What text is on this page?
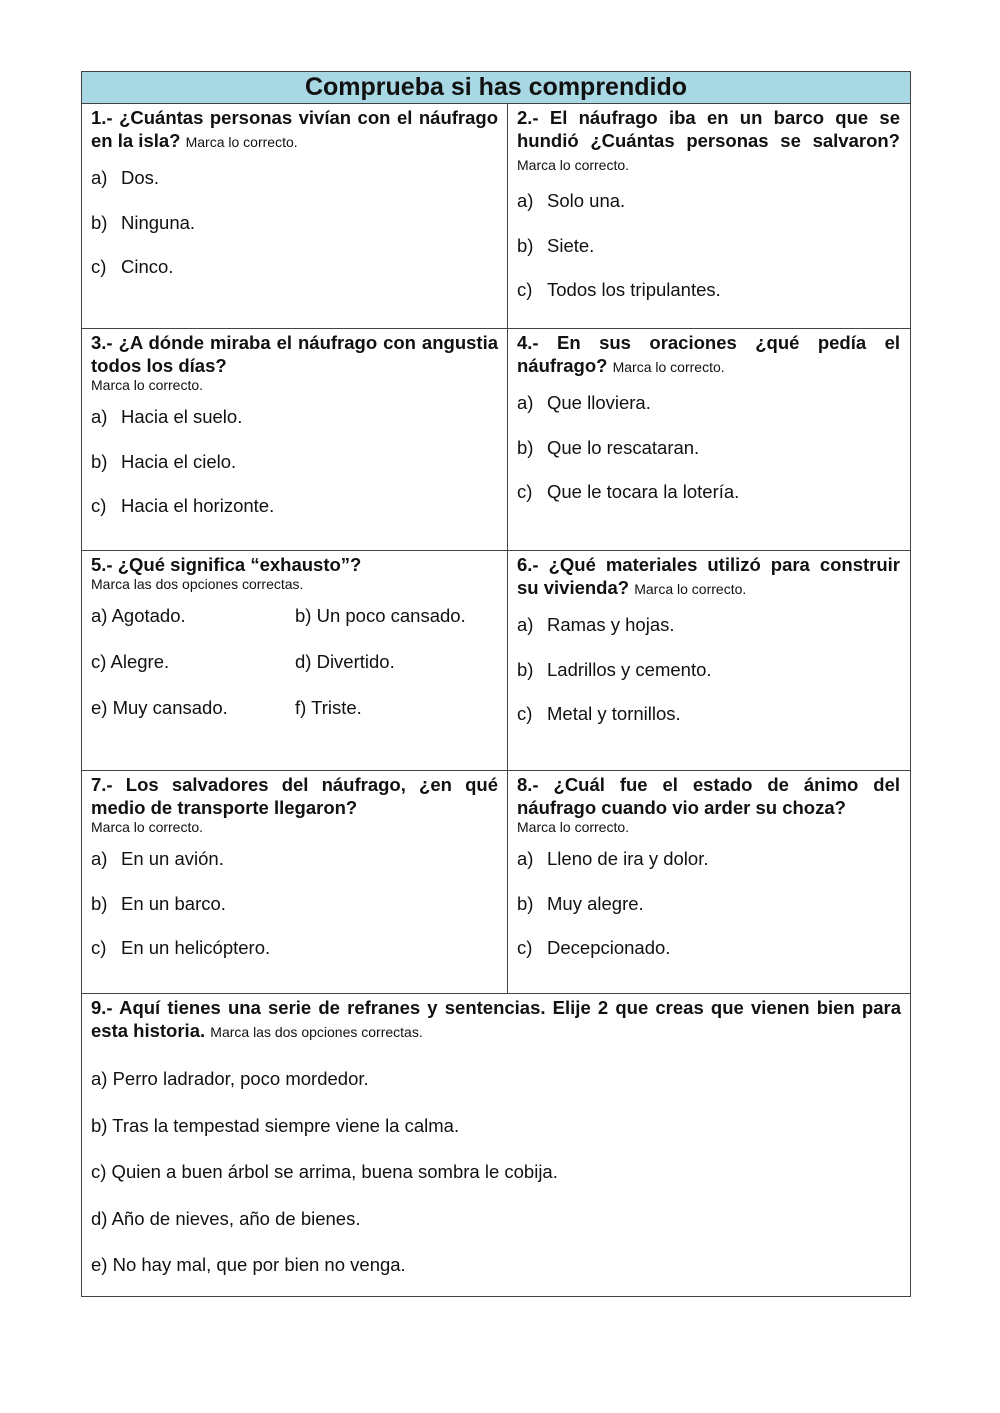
Comprueba si has comprendido

1.- ¿Cuántas personas vivían con el náufrago en la isla? Marca lo correcto.

a) Dos.
b) Ninguna.
c) Cinco.

2.- El náufrago iba en un barco que se hundió ¿Cuántas personas se salvaron? Marca lo correcto.

a) Solo una.
b) Siete.
c) Todos los tripulantes.

3.- ¿A dónde miraba el náufrago con angustia todos los días?

Marca lo correcto.

a) Hacia el suelo.
b) Hacia el cielo.
c) Hacia el horizonte.

4.- En sus oraciones ¿qué pedía el náufrago? Marca lo correcto.

a) Que lloviera.
b) Que lo rescataran.
c) Que le tocara la lotería.

5.- ¿Qué significa “exhausto”?

Marca las dos opciones correctas.

a) Agotado.	b) Un poco cansado.
c) Alegre.	d) Divertido.
e) Muy cansado.	f) Triste.

6.- ¿Qué materiales utilizó para construir su vivienda? Marca lo correcto.

a) Ramas y hojas.
b) Ladrillos y cemento.
c) Metal y tornillos.

7.- Los salvadores del náufrago, ¿en qué medio de transporte llegaron?

Marca lo correcto.

a) En un avión.
b) En un barco.
c) En un helicóptero.

8.- ¿Cuál fue el estado de ánimo del náufrago cuando vio arder su choza?

Marca lo correcto.

a) Lleno de ira y dolor.
b) Muy alegre.
c) Decepcionado.

9.- Aquí tienes una serie de refranes y sentencias. Elije 2 que creas que vienen bien para esta historia. Marca las dos opciones correctas.

a) Perro ladrador, poco mordedor.
b) Tras la tempestad siempre viene la calma.
c) Quien a buen árbol se arrima, buena sombra le cobija.
d) Año de nieves, año de bienes.
e) No hay mal, que por bien no venga.
